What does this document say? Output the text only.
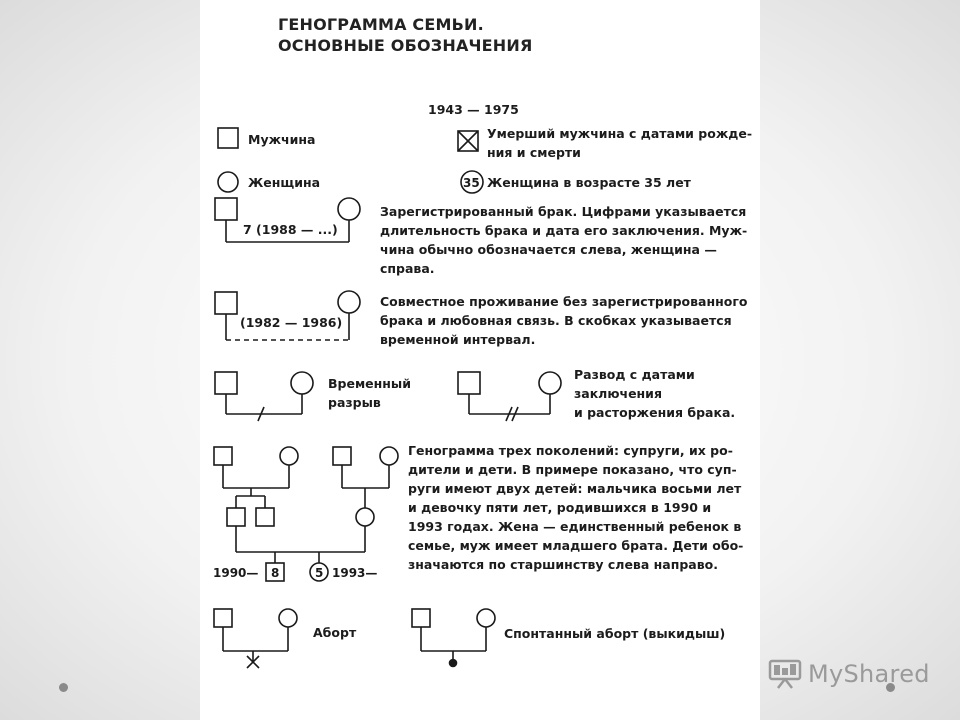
ГЕНОГРАММА СЕМЬИ.
ОСНОВНЫЕ ОБОЗНАЧЕНИЯ
35
8	5
1990—	1993—
Мужчина
Женщина
1943 — 1975
Умерший мужчина с датами рожде-
ния и смерти
Женщина в возрасте 35 лет
7 (1988 — ...)
Зарегистрированный брак. Цифрами указывается
длительность брака и дата его заключения. Муж-
чина обычно обозначается слева, женщина —
справа.
(1982 — 1986)
Совместное проживание без зарегистрированного
брака и любовная связь. В скобках указывается
временной интервал.
Временный
разрыв
Развод с датами
заключения
и расторжения брака.
Генограмма трех поколений: супруги, их ро-
дители и дети. В примере показано, что суп-
руги имеют двух детей: мальчика восьми лет
и девочку пяти лет, родившихся в 1990 и
1993 годах. Жена — единственный ребенок в
семье, муж имеет младшего брата. Дети обо-
значаются по старшинству слева направо.
Аборт	Спонтанный аборт (выкидыш)
MyShared
